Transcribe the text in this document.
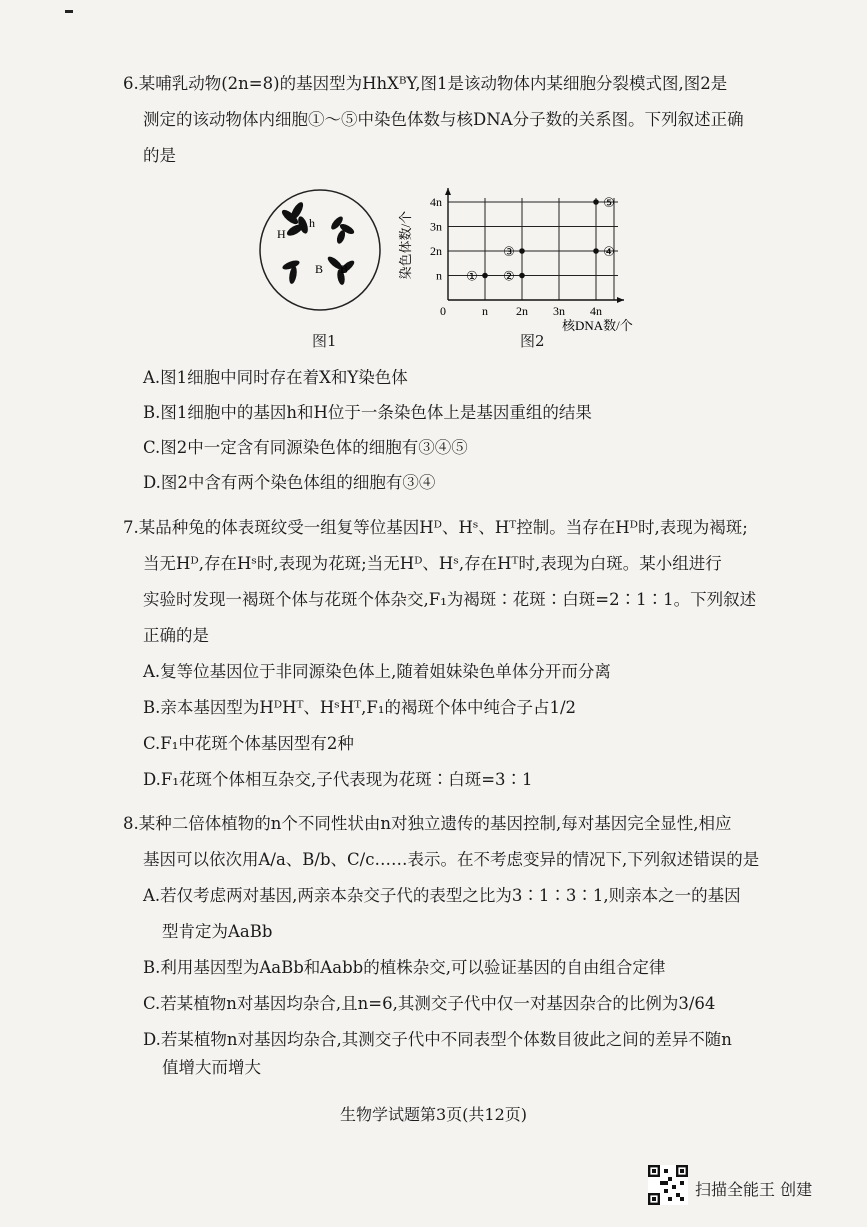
6.某哺乳动物(2n=8)的基因型为HhXᴮY,图1是该动物体内某细胞分裂模式图,图2是
测定的该动物体内细胞①～⑤中染色体数与核DNA分子数的关系图。下列叙述正确
的是
H
h
B B
图1
n 2n 3n 4n
n
2n
3n
4n
0
核DNA数/个
染色体数/个	① ②
③	④
⑤
图2
A.图1细胞中同时存在着X和Y染色体
B.图1细胞中的基因h和H位于一条染色体上是基因重组的结果
C.图2中一定含有同源染色体的细胞有③④⑤
D.图2中含有两个染色体组的细胞有③④
7.某品种兔的体表斑纹受一组复等位基因Hᴰ、Hˢ、Hᵀ控制。当存在Hᴰ时,表现为褐斑;
当无Hᴰ,存在Hˢ时,表现为花斑;当无Hᴰ、Hˢ,存在Hᵀ时,表现为白斑。某小组进行
实验时发现一褐斑个体与花斑个体杂交,F₁为褐斑∶花斑∶白斑=2∶1∶1。下列叙述
正确的是
A.复等位基因位于非同源染色体上,随着姐妹染色单体分开而分离
B.亲本基因型为HᴰHᵀ、HˢHᵀ,F₁的褐斑个体中纯合子占1/2
C.F₁中花斑个体基因型有2种
D.F₁花斑个体相互杂交,子代表现为花斑∶白斑=3∶1
8.某种二倍体植物的n个不同性状由n对独立遗传的基因控制,每对基因完全显性,相应
基因可以依次用A/a、B/b、C/c……表示。在不考虑变异的情况下,下列叙述错误的是
A.若仅考虑两对基因,两亲本杂交子代的表型之比为3∶1∶3∶1,则亲本之一的基因
型肯定为AaBb
B.利用基因型为AaBb和Aabb的植株杂交,可以验证基因的自由组合定律
C.若某植物n对基因均杂合,且n=6,其测交子代中仅一对基因杂合的比例为3/64
D.若某植物n对基因均杂合,其测交子代中不同表型个体数目彼此之间的差异不随n
值增大而增大
生物学试题第3页(共12页)
扫描全能王 创建
